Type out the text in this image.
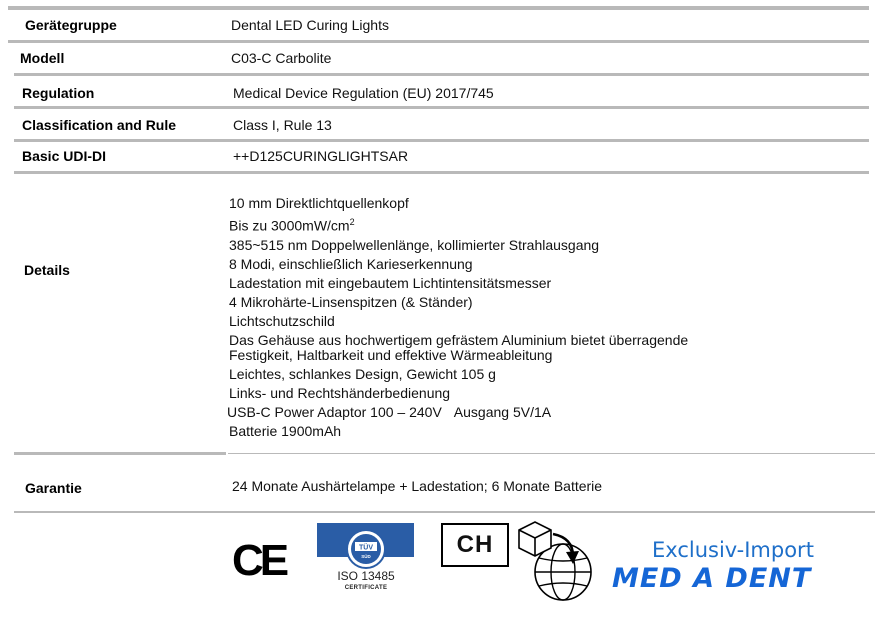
Gerätegruppe	Dental LED Curing Lights
Modell	C03-C Carbolite
Regulation	Medical Device Regulation (EU) 2017/745
Classification and Rule	Class I, Rule 13
Basic UDI-DI	++D125CURINGLIGHTSAR
Details
10 mm Direktlichtquellenkopf
Bis zu $3000mW/cm^2$
385~515 nm Doppelwellenlänge, kollimierter Strahlausgang
8 Modi, einschließlich Karieserkennung
Ladestation mit eingebautem Lichtintensitätsmesser
4 Mikrohärte-Linsenspitzen (& Ständer)
Lichtschutzschild
Das Gehäuse aus hochwertigem gefrästem Aluminium bietet überragende Festigkeit, Haltbarkeit und effektive Wärmeableitung
Leichtes, schlankes Design, Gewicht 105 g
Links- und Rechtshänderbedienung
USB-C Power Adaptor 100 – 240V Ausgang 5V/1A
Batterie 1900mAh
Garantie	24 Monate Aushärtelampe + Ladestation; 6 Monate Batterie
CE	TÜV
SÜD
ISO 13485
CERTIFICATE
CH	Exclusiv-Import
MED A DENT
